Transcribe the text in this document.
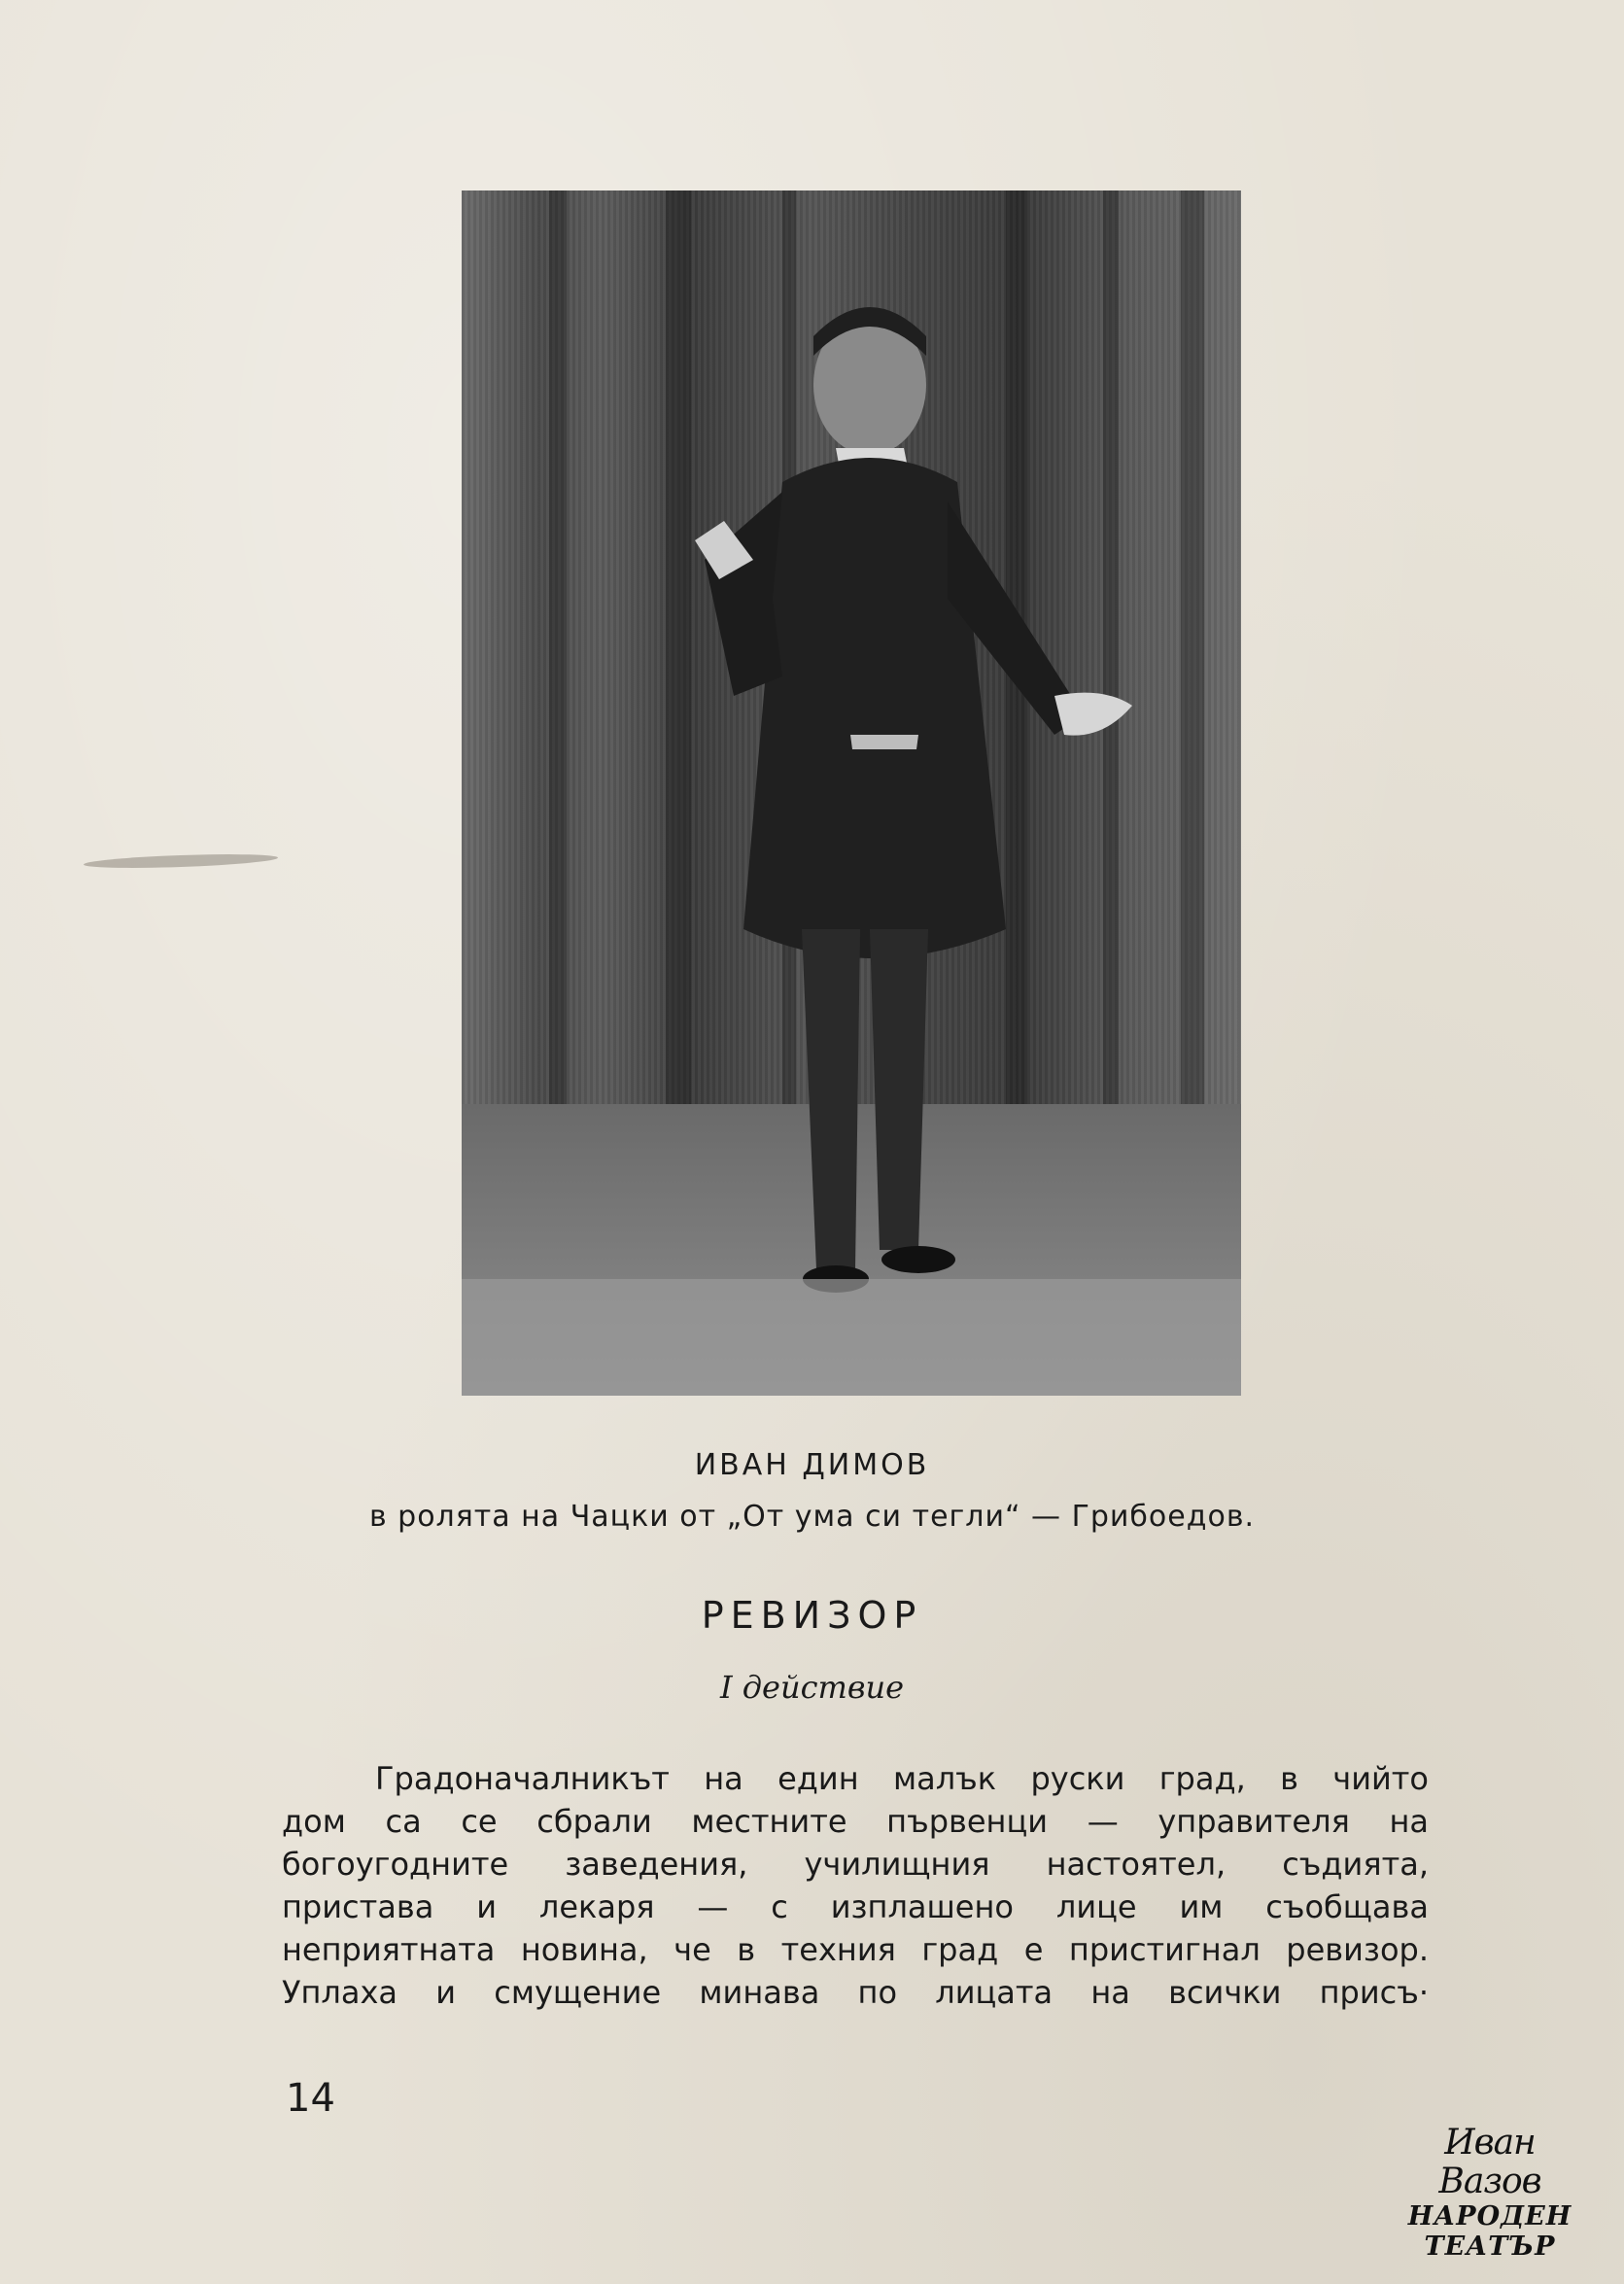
ИВАН ДИМОВ
в ролята на Чацки от „От ума си тегли“ — Грибоедов.
РЕВИЗОР
I действие
Градоначалникът на един малък руски град, в чийто
дом са се сбрали местните първенци — управителя на
богоугодните заведения, училищния настоятел, съдията,
пристава и лекаря — с изплашено лице им съобщава
неприятната новина, че в техния град е пристигнал ревизор.
Уплаха и смущение минава по лицата на всички присъ·
14
Иван Вазов
НАРОДЕН
ТЕАТЪР
